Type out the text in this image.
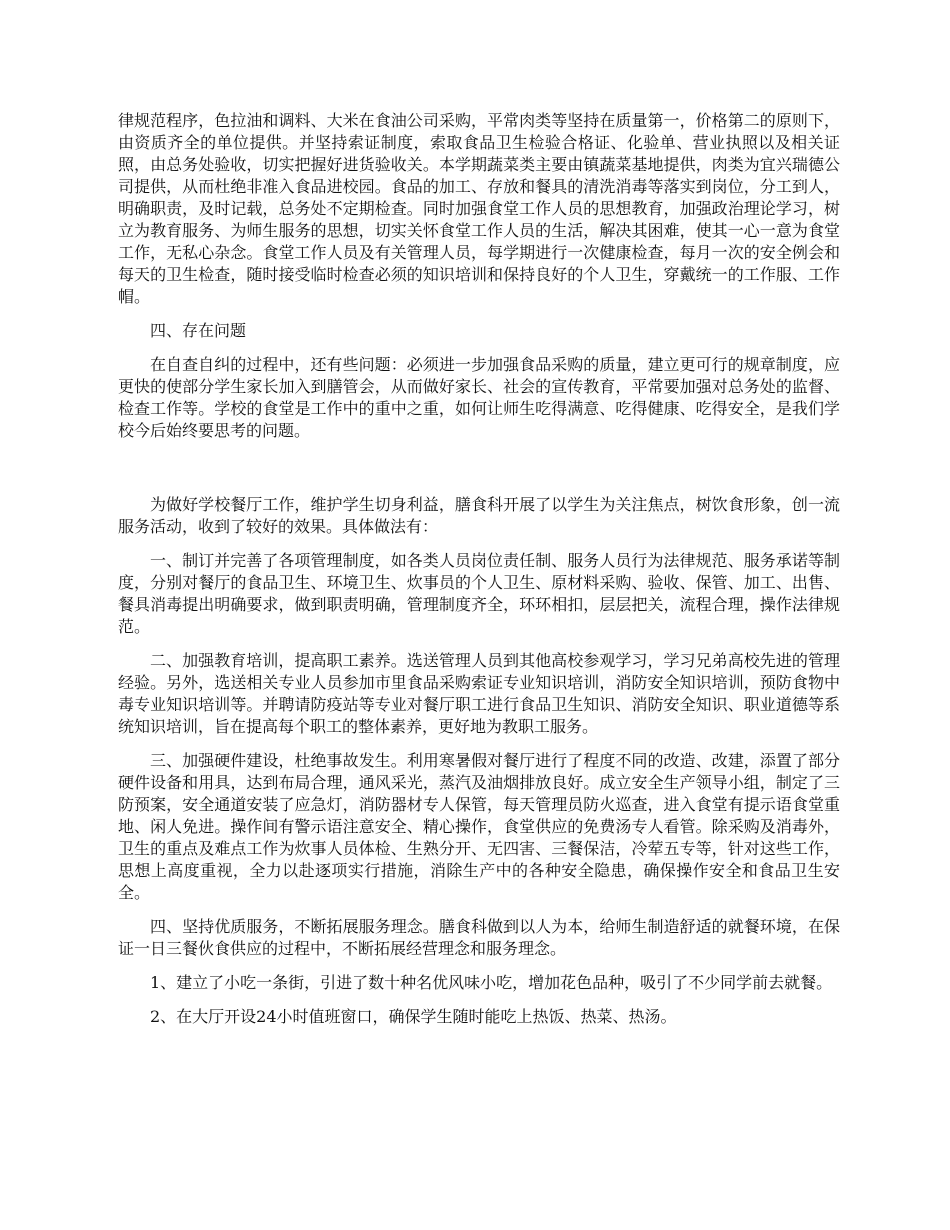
律规范程序，色拉油和调料、大米在食油公司采购，平常肉类等坚持在质量第一，价格第二的原则下，由资质齐全的单位提供。并坚持索证制度，索取食品卫生检验合格证、化验单、营业执照以及相关证照，由总务处验收，切实把握好进货验收关。本学期蔬菜类主要由镇蔬菜基地提供，肉类为宜兴瑞德公司提供，从而杜绝非准入食品进校园。食品的加工、存放和餐具的清洗消毒等落实到岗位，分工到人，明确职责，及时记载，总务处不定期检查。同时加强食堂工作人员的思想教育，加强政治理论学习，树立为教育服务、为师生服务的思想，切实关怀食堂工作人员的生活，解决其困难，使其一心一意为食堂工作，无私心杂念。食堂工作人员及有关管理人员，每学期进行一次健康检查，每月一次的安全例会和每天的卫生检查，随时接受临时检查必须的知识培训和保持良好的个人卫生，穿戴统一的工作服、工作帽。

四、存在问题

在自查自纠的过程中，还有些问题：必须进一步加强食品采购的质量，建立更可行的规章制度，应更快的使部分学生家长加入到膳管会，从而做好家长、社会的宣传教育，平常要加强对总务处的监督、检查工作等。学校的食堂是工作中的重中之重，如何让师生吃得满意、吃得健康、吃得安全，是我们学校今后始终要思考的问题。

为做好学校餐厅工作，维护学生切身利益，膳食科开展了以学生为关注焦点，树饮食形象，创一流服务活动，收到了较好的效果。具体做法有：

一、制订并完善了各项管理制度，如各类人员岗位责任制、服务人员行为法律规范、服务承诺等制度，分别对餐厅的食品卫生、环境卫生、炊事员的个人卫生、原材料采购、验收、保管、加工、出售、餐具消毒提出明确要求，做到职责明确，管理制度齐全，环环相扣，层层把关，流程合理，操作法律规范。

二、加强教育培训，提高职工素养。选送管理人员到其他高校参观学习，学习兄弟高校先进的管理经验。另外，选送相关专业人员参加市里食品采购索证专业知识培训，消防安全知识培训，预防食物中毒专业知识培训等。并聘请防疫站等专业对餐厅职工进行食品卫生知识、消防安全知识、职业道德等系统知识培训，旨在提高每个职工的整体素养，更好地为教职工服务。

三、加强硬件建设，杜绝事故发生。利用寒暑假对餐厅进行了程度不同的改造、改建，添置了部分硬件设备和用具，达到布局合理，通风采光，蒸汽及油烟排放良好。成立安全生产领导小组，制定了三防预案，安全通道安装了应急灯，消防器材专人保管，每天管理员防火巡查，进入食堂有提示语食堂重地、闲人免进。操作间有警示语注意安全、精心操作，食堂供应的免费汤专人看管。除采购及消毒外，卫生的重点及难点工作为炊事人员体检、生熟分开、无四害、三餐保洁，冷荤五专等，针对这些工作，思想上高度重视，全力以赴逐项实行措施，消除生产中的各种安全隐患，确保操作安全和食品卫生安全。

四、坚持优质服务，不断拓展服务理念。膳食科做到以人为本，给师生制造舒适的就餐环境，在保证一日三餐伙食供应的过程中，不断拓展经营理念和服务理念。

1、建立了小吃一条街，引进了数十种名优风味小吃，增加花色品种，吸引了不少同学前去就餐。

2、在大厅开设24小时值班窗口，确保学生随时能吃上热饭、热菜、热汤。
